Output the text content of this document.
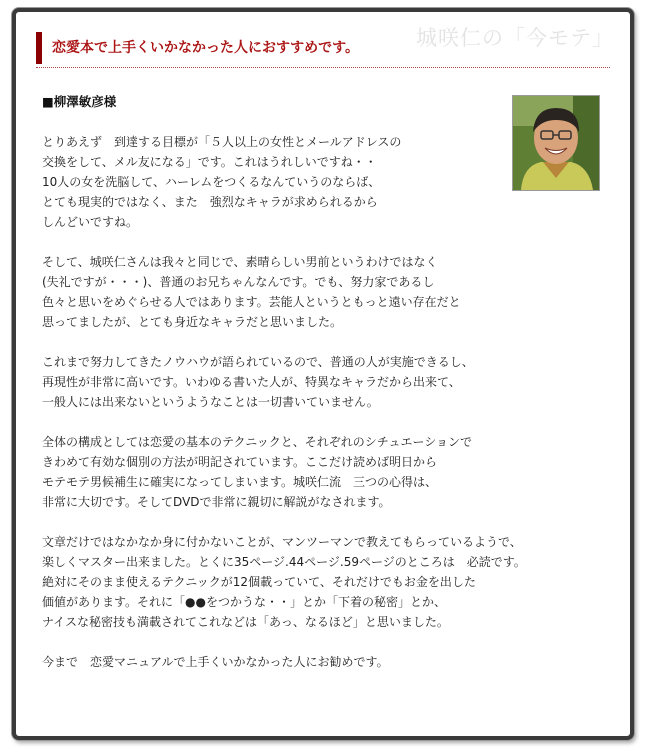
城咲仁の「今モテ」
恋愛本で上手くいかなかった人におすすめです。
■柳澤敏彦様
とりあえず　到達する目標が「５人以上の女性とメールアドレスの
交換をして、メル友になる」です。これはうれしいですね・・
10人の女を洗脳して、ハーレムをつくるなんていうのならば、
とても現実的ではなく、また　強烈なキャラが求められるから
しんどいですね。
そして、城咲仁さんは我々と同じで、素晴らしい男前というわけではなく
(失礼ですが・・・)、普通のお兄ちゃんなんです。でも、努力家であるし
色々と思いをめぐらせる人ではあります。芸能人というともっと遠い存在だと
思ってましたが、とても身近なキャラだと思いました。
これまで努力してきたノウハウが語られているので、普通の人が実施できるし、
再現性が非常に高いです。いわゆる書いた人が、特異なキャラだから出来て、
一般人には出来ないというようなことは一切書いていません。
全体の構成としては恋愛の基本のテクニックと、それぞれのシチュエーションで
きわめて有効な個別の方法が明記されています。ここだけ読めば明日から
モテモテ男候補生に確実になってしまいます。城咲仁流　三つの心得は、
非常に大切です。そしてDVDで非常に親切に解説がなされます。
文章だけではなかなか身に付かないことが、マンツーマンで教えてもらっているようで、
楽しくマスター出来ました。とくに35ページ.44ページ.59ページのところは　必読です。
絶対にそのまま使えるテクニックが12個載っていて、それだけでもお金を出した
価値があります。それに「●●をつかうな・・」とか「下着の秘密」とか、
ナイスな秘密技も満載されてこれなどは「あっ、なるほど」と思いました。
今まで　恋愛マニュアルで上手くいかなかった人にお勧めです。
